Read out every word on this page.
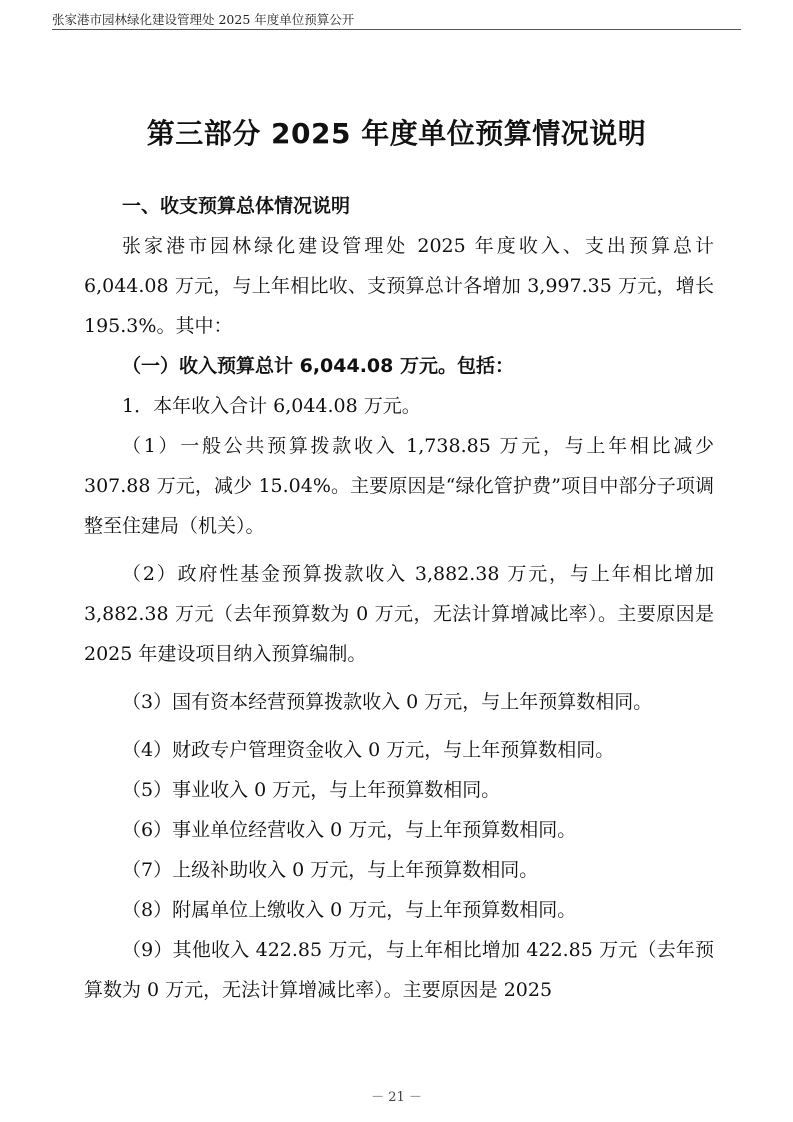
张家港市园林绿化建设管理处 2025 年度单位预算公开
第三部分 2025 年度单位预算情况说明

一、收支预算总体情况说明

张家港市园林绿化建设管理处 2025 年度收入、支出预算总计 6,044.08 万元，与上年相比收、支预算总计各增加 3,997.35 万元，增长 195.3%。其中：

（一）收入预算总计 6,044.08 万元。包括：

1．本年收入合计 6,044.08 万元。

（1）一般公共预算拨款收入 1,738.85 万元，与上年相比减少 307.88 万元，减少 15.04%。主要原因是“绿化管护费”项目中部分子项调整至住建局（机关）。

（2）政府性基金预算拨款收入 3,882.38 万元，与上年相比增加 3,882.38 万元（去年预算数为 0 万元，无法计算增减比率）。主要原因是 2025 年建设项目纳入预算编制。

（3）国有资本经营预算拨款收入 0 万元，与上年预算数相同。

（4）财政专户管理资金收入 0 万元，与上年预算数相同。

（5）事业收入 0 万元，与上年预算数相同。

（6）事业单位经营收入 0 万元，与上年预算数相同。

（7）上级补助收入 0 万元，与上年预算数相同。

（8）附属单位上缴收入 0 万元，与上年预算数相同。

（9）其他收入 422.85 万元，与上年相比增加 422.85 万元（去年预算数为 0 万元，无法计算增减比率）。主要原因是 2025

－ 21 －
